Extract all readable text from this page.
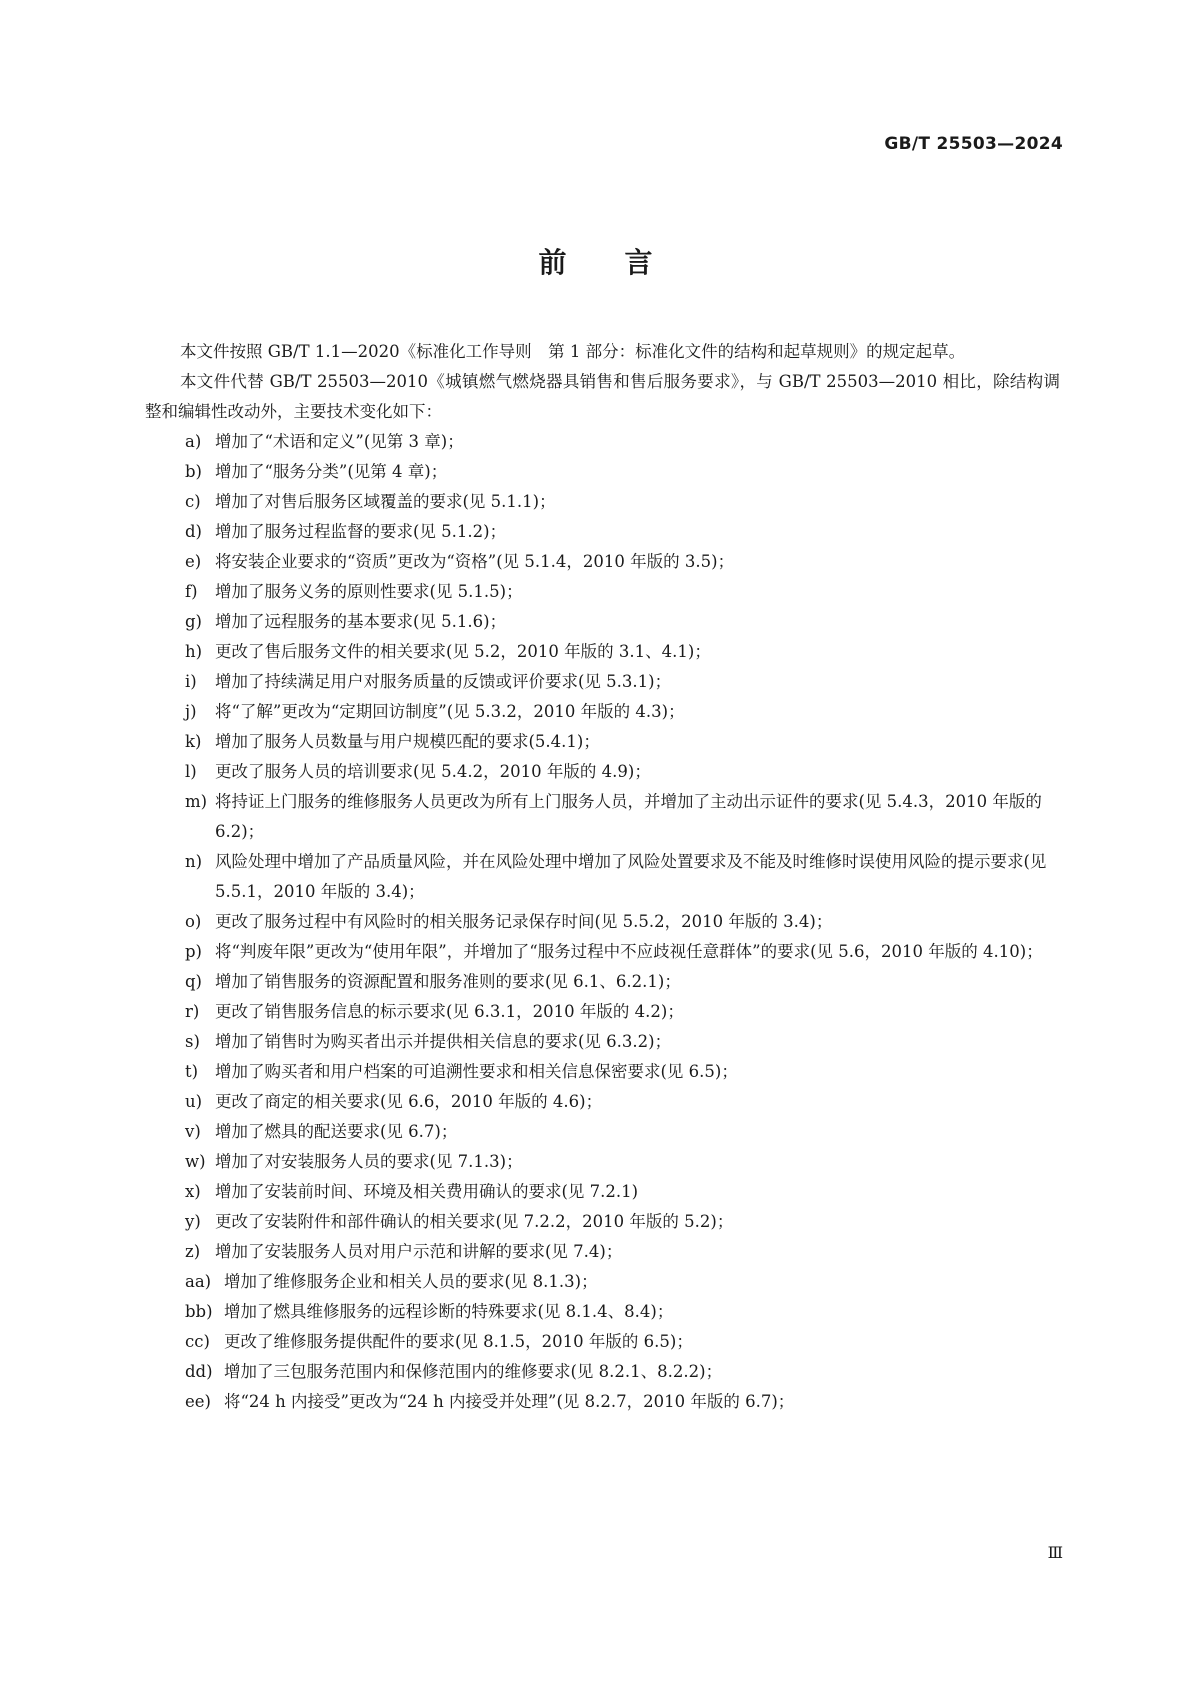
GB/T 25503—2024
前言

本文件按照 GB/T 1.1—2020《标准化工作导则　第 1 部分：标准化文件的结构和起草规则》的规定起草。

本文件代替 GB/T 25503—2010《城镇燃气燃烧器具销售和售后服务要求》，与 GB/T 25503—2010 相比，除结构调整和编辑性改动外，主要技术变化如下：

a) 增加了“术语和定义”(见第 3 章)；
b) 增加了“服务分类”(见第 4 章)；
c) 增加了对售后服务区域覆盖的要求(见 5.1.1)；
d) 增加了服务过程监督的要求(见 5.1.2)；
e) 将安装企业要求的“资质”更改为“资格”(见 5.1.4，2010 年版的 3.5)；
f) 增加了服务义务的原则性要求(见 5.1.5)；
g) 增加了远程服务的基本要求(见 5.1.6)；
h) 更改了售后服务文件的相关要求(见 5.2，2010 年版的 3.1、4.1)；
i) 增加了持续满足用户对服务质量的反馈或评价要求(见 5.3.1)；
j) 将“了解”更改为“定期回访制度”(见 5.3.2，2010 年版的 4.3)；
k) 增加了服务人员数量与用户规模匹配的要求(5.4.1)；
l) 更改了服务人员的培训要求(见 5.4.2，2010 年版的 4.9)；
m) 将持证上门服务的维修服务人员更改为所有上门服务人员，并增加了主动出示证件的要求(见 5.4.3，2010 年版的 6.2)；
n) 风险处理中增加了产品质量风险，并在风险处理中增加了风险处置要求及不能及时维修时误使用风险的提示要求(见 5.5.1，2010 年版的 3.4)；
o) 更改了服务过程中有风险时的相关服务记录保存时间(见 5.5.2，2010 年版的 3.4)；
p) 将“判废年限”更改为“使用年限”，并增加了“服务过程中不应歧视任意群体”的要求(见 5.6，2010 年版的 4.10)；
q) 增加了销售服务的资源配置和服务准则的要求(见 6.1、6.2.1)；
r) 更改了销售服务信息的标示要求(见 6.3.1，2010 年版的 4.2)；
s) 增加了销售时为购买者出示并提供相关信息的要求(见 6.3.2)；
t) 增加了购买者和用户档案的可追溯性要求和相关信息保密要求(见 6.5)；
u) 更改了商定的相关要求(见 6.6，2010 年版的 4.6)；
v) 增加了燃具的配送要求(见 6.7)；
w) 增加了对安装服务人员的要求(见 7.1.3)；
x) 增加了安装前时间、环境及相关费用确认的要求(见 7.2.1)
y) 更改了安装附件和部件确认的相关要求(见 7.2.2，2010 年版的 5.2)；
z) 增加了安装服务人员对用户示范和讲解的要求(见 7.4)；
aa) 增加了维修服务企业和相关人员的要求(见 8.1.3)；
bb) 增加了燃具维修服务的远程诊断的特殊要求(见 8.1.4、8.4)；
cc) 更改了维修服务提供配件的要求(见 8.1.5，2010 年版的 6.5)；
dd) 增加了三包服务范围内和保修范围内的维修要求(见 8.2.1、8.2.2)；
ee) 将“24 h 内接受”更改为“24 h 内接受并处理”(见 8.2.7，2010 年版的 6.7)；
Ⅲ
